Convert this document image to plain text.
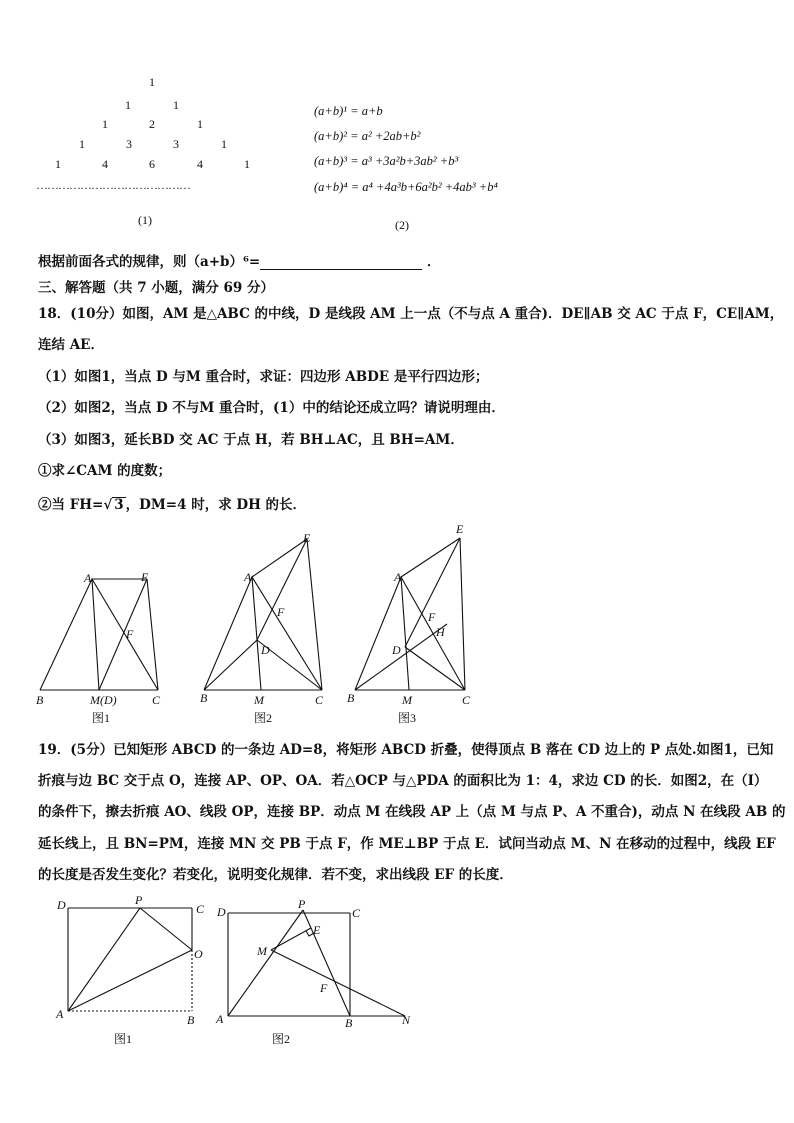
1
1	1
1	2	1
1	3	3	1
1	4	6	4	1
……………………………………
(1)
(a+b)¹ = a+b
(a+b)² = a² +2ab+b²
(a+b)³ = a³ +3a²b+3ab² +b³
(a+b)⁴ = a⁴ +4a³b+6a²b² +4ab³ +b⁴
(2)
根据前面各式的规律，则（a+b）⁶=	．
三、解答题（共 7 小题，满分 69 分）
18．(10分）如图，AM 是△ABC 的中线，D 是线段 AM 上一点（不与点 A 重合)．DE∥AB 交 AC 于点 F，CE∥AM，
连结 AE．
（1）如图1，当点 D 与M 重合时，求证：四边形 ABDE 是平行四边形；
（2）如图2，当点 D 不与M 重合时，(1）中的结论还成立吗？请说明理由．
（3）如图3，延长BD 交 AC 于点 H，若 BH⊥AC，且 BH=AM．
①求∠CAM 的度数；
②当 FH=√ 3 ，DM=4 时，求 DH 的长．
A	E
F
B	M(D)	C
A
E
F
D
B	M	C
A
E
F
H
D
B	M	C
图1	图2	图3
19．(5分）已知矩形 ABCD 的一条边 AD=8，将矩形 ABCD 折叠，使得顶点 B 落在 CD 边上的 P 点处.如图1，已知
折痕与边 BC 交于点 O，连接 AP、OP、OA．若△OCP 与△PDA 的面积比为 1：4，求边 CD 的长．如图2，在（Ⅰ）
的条件下，擦去折痕 AO、线段 OP，连接 BP．动点 M 在线段 AP 上（点 M 与点 P、A 不重合)，动点 N 在线段 AB 的
延长线上，且 BN=PM，连接 MN 交 PB 于点 F，作 ME⊥BP 于点 E．试问当动点 M、N 在移动的过程中，线段 EF
的长度是否发生变化？若变化，说明变化规律．若不变，求出线段 EF 的长度．
D	P
C
O
A	B
D
P
C
E
M
F
A	B	N
图1	图2
